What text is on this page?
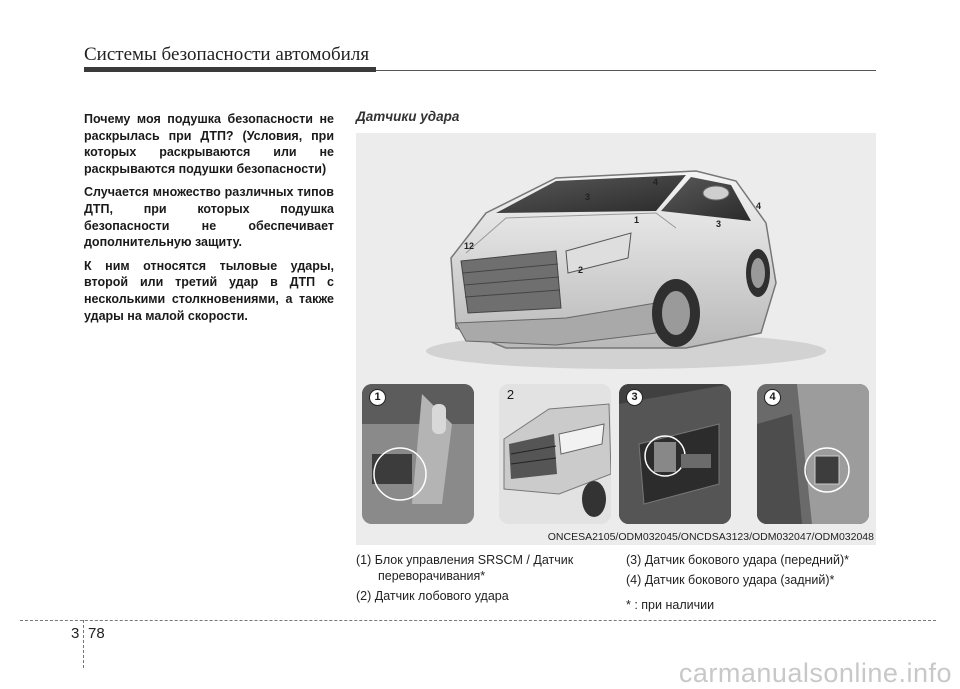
Системы безопасности автомобиля

Почему моя подушка безопасности не раскрылась при ДТП? (Условия, при которых раскрываются или не раскрываются подушки безопасности)

Случается множество различных типов ДТП, при которых подушка безопасности не обеспечивает дополнительную защиту.

К ним относятся тыловые удары, второй или третий удар в ДТП с несколькими столкновениями, а также удары на малой скорости.

Датчики удара
1
2
3
3
4
4
2
1
1	2	3	4
ONCESA2105/ODM032045/ONCDSA3123/ODM032047/ODM032048
(1) Блок управления SRSCM / Датчик
переворачивания*
(2) Датчик лобового удара
(3) Датчик бокового удара (передний)*
(4) Датчик бокового удара (задний)*
* : при наличии
3 78
carmanualsonline.info
